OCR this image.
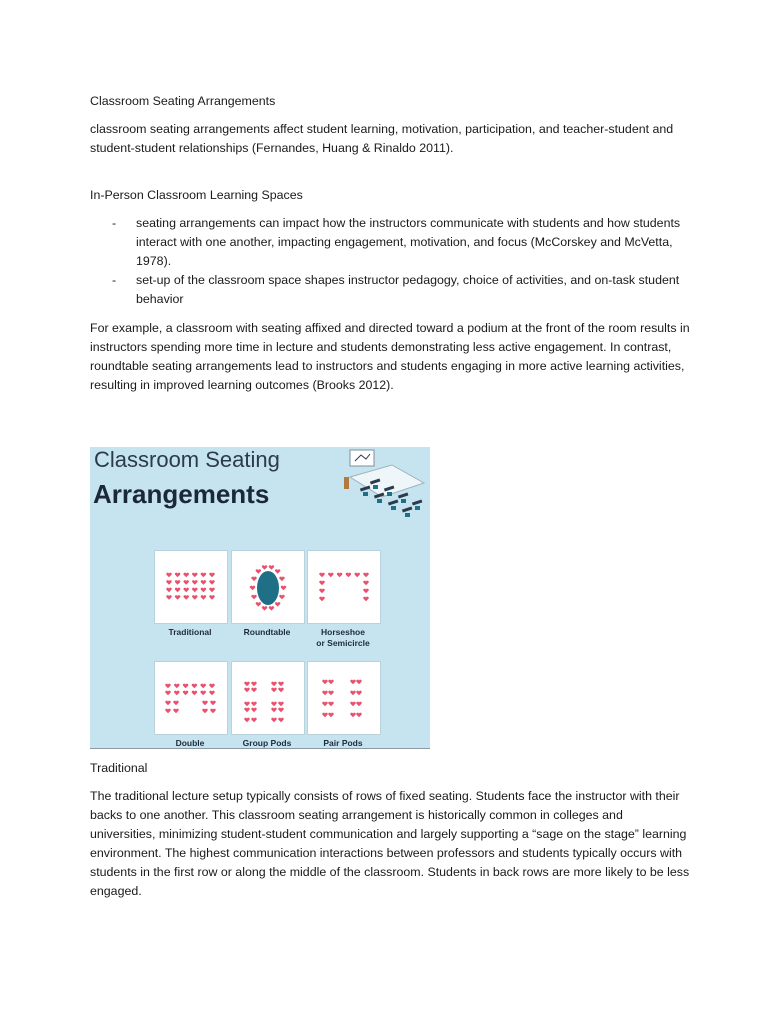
Classroom Seating Arrangements

classroom seating arrangements affect student learning, motivation, participation, and teacher-student and student-student relationships (Fernandes, Huang & Rinaldo 2011).

In-Person Classroom Learning Spaces

- seating arrangements can impact how the instructors communicate with students and how students interact with one another, impacting engagement, motivation, and focus (McCorskey and McVetta, 1978).
- set-up of the classroom space shapes instructor pedagogy, choice of activities, and on-task student behavior

For example, a classroom with seating affixed and directed toward a podium at the front of the room results in instructors spending more time in lecture and students demonstrating less active engagement. In contrast, roundtable seating arrangements lead to instructors and students engaging in more active learning activities, resulting in improved learning outcomes (Brooks 2012).

Classroom Seating
Arrangements
Traditional	Roundtable	Horseshoe
or Semicircle
Double	Group Pods	Pair Pods

Traditional

The traditional lecture setup typically consists of rows of fixed seating. Students face the instructor with their backs to one another. This classroom seating arrangement is historically common in colleges and universities, minimizing student-student communication and largely supporting a “sage on the stage” learning environment. The highest communication interactions between professors and students typically occurs with students in the first row or along the middle of the classroom. Students in back rows are more likely to be less engaged.
